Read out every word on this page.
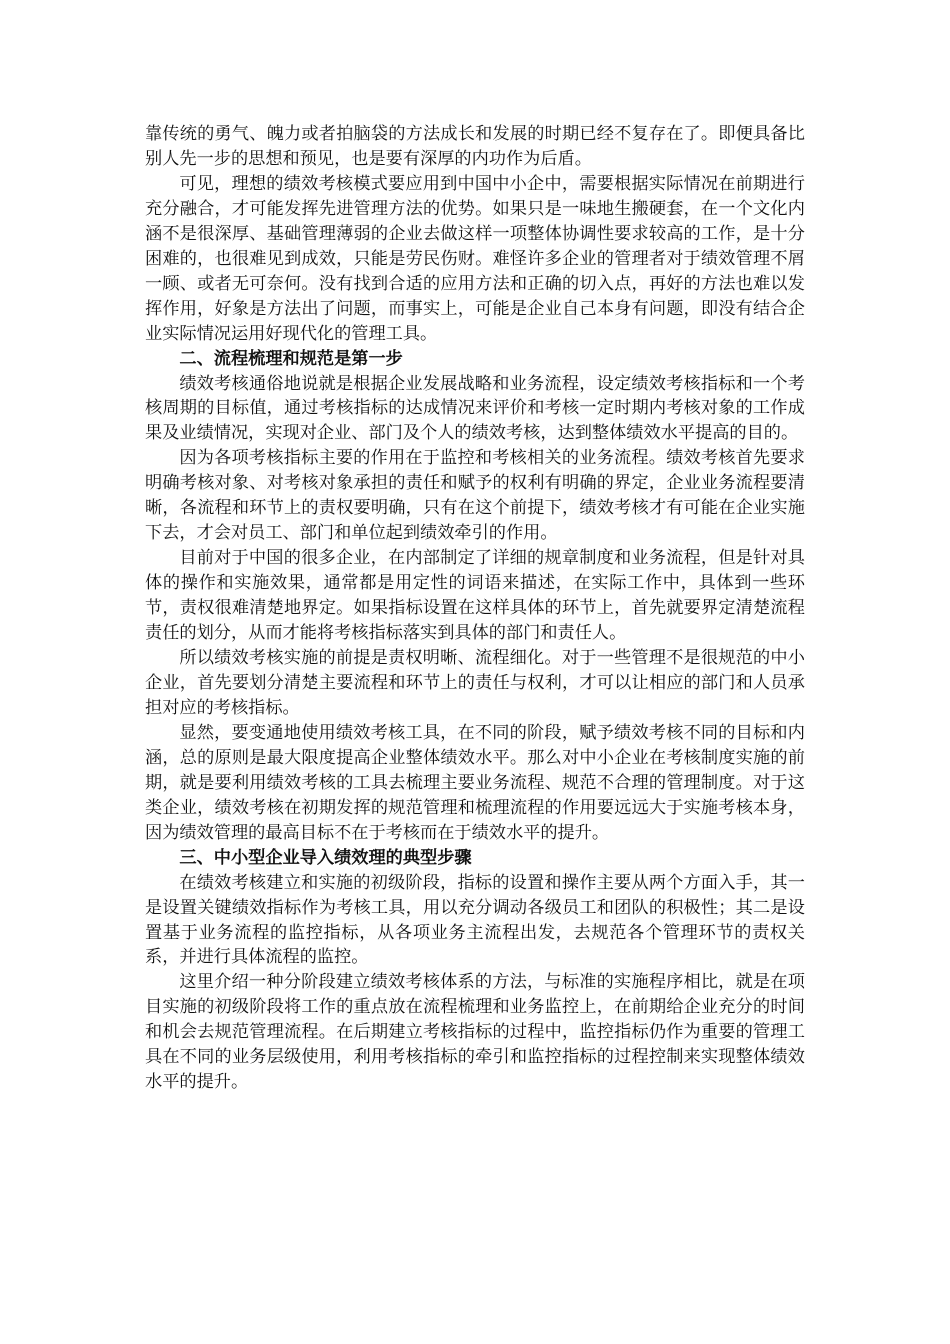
靠传统的勇气、魄力或者拍脑袋的方法成长和发展的时期已经不复存在了。即便具备比别人先一步的思想和预见，也是要有深厚的内功作为后盾。

可见，理想的绩效考核模式要应用到中国中小企中，需要根据实际情况在前期进行充分融合，才可能发挥先进管理方法的优势。如果只是一味地生搬硬套，在一个文化内涵不是很深厚、基础管理薄弱的企业去做这样一项整体协调性要求较高的工作，是十分困难的，也很难见到成效，只能是劳民伤财。难怪许多企业的管理者对于绩效管理不屑一顾、或者无可奈何。没有找到合适的应用方法和正确的切入点，再好的方法也难以发挥作用，好象是方法出了问题，而事实上，可能是企业自己本身有问题，即没有结合企业实际情况运用好现代化的管理工具。

二、流程梳理和规范是第一步

绩效考核通俗地说就是根据企业发展战略和业务流程，设定绩效考核指标和一个考核周期的目标值，通过考核指标的达成情况来评价和考核一定时期内考核对象的工作成果及业绩情况，实现对企业、部门及个人的绩效考核，达到整体绩效水平提高的目的。

因为各项考核指标主要的作用在于监控和考核相关的业务流程。绩效考核首先要求明确考核对象、对考核对象承担的责任和赋予的权利有明确的界定，企业业务流程要清晰，各流程和环节上的责权要明确，只有在这个前提下，绩效考核才有可能在企业实施下去，才会对员工、部门和单位起到绩效牵引的作用。

目前对于中国的很多企业，在内部制定了详细的规章制度和业务流程，但是针对具体的操作和实施效果，通常都是用定性的词语来描述，在实际工作中，具体到一些环节，责权很难清楚地界定。如果指标设置在这样具体的环节上，首先就要界定清楚流程责任的划分，从而才能将考核指标落实到具体的部门和责任人。

所以绩效考核实施的前提是责权明晰、流程细化。对于一些管理不是很规范的中小企业，首先要划分清楚主要流程和环节上的责任与权利，才可以让相应的部门和人员承担对应的考核指标。

显然，要变通地使用绩效考核工具，在不同的阶段，赋予绩效考核不同的目标和内涵，总的原则是最大限度提高企业整体绩效水平。那么对中小企业在考核制度实施的前期，就是要利用绩效考核的工具去梳理主要业务流程、规范不合理的管理制度。对于这类企业，绩效考核在初期发挥的规范管理和梳理流程的作用要远远大于实施考核本身，因为绩效管理的最高目标不在于考核而在于绩效水平的提升。

三、中小型企业导入绩效理的典型步骤

在绩效考核建立和实施的初级阶段，指标的设置和操作主要从两个方面入手，其一是设置关键绩效指标作为考核工具，用以充分调动各级员工和团队的积极性；其二是设置基于业务流程的监控指标，从各项业务主流程出发，去规范各个管理环节的责权关系，并进行具体流程的监控。

这里介绍一种分阶段建立绩效考核体系的方法，与标准的实施程序相比，就是在项目实施的初级阶段将工作的重点放在流程梳理和业务监控上，在前期给企业充分的时间和机会去规范管理流程。在后期建立考核指标的过程中，监控指标仍作为重要的管理工具在不同的业务层级使用，利用考核指标的牵引和监控指标的过程控制来实现整体绩效水平的提升。
